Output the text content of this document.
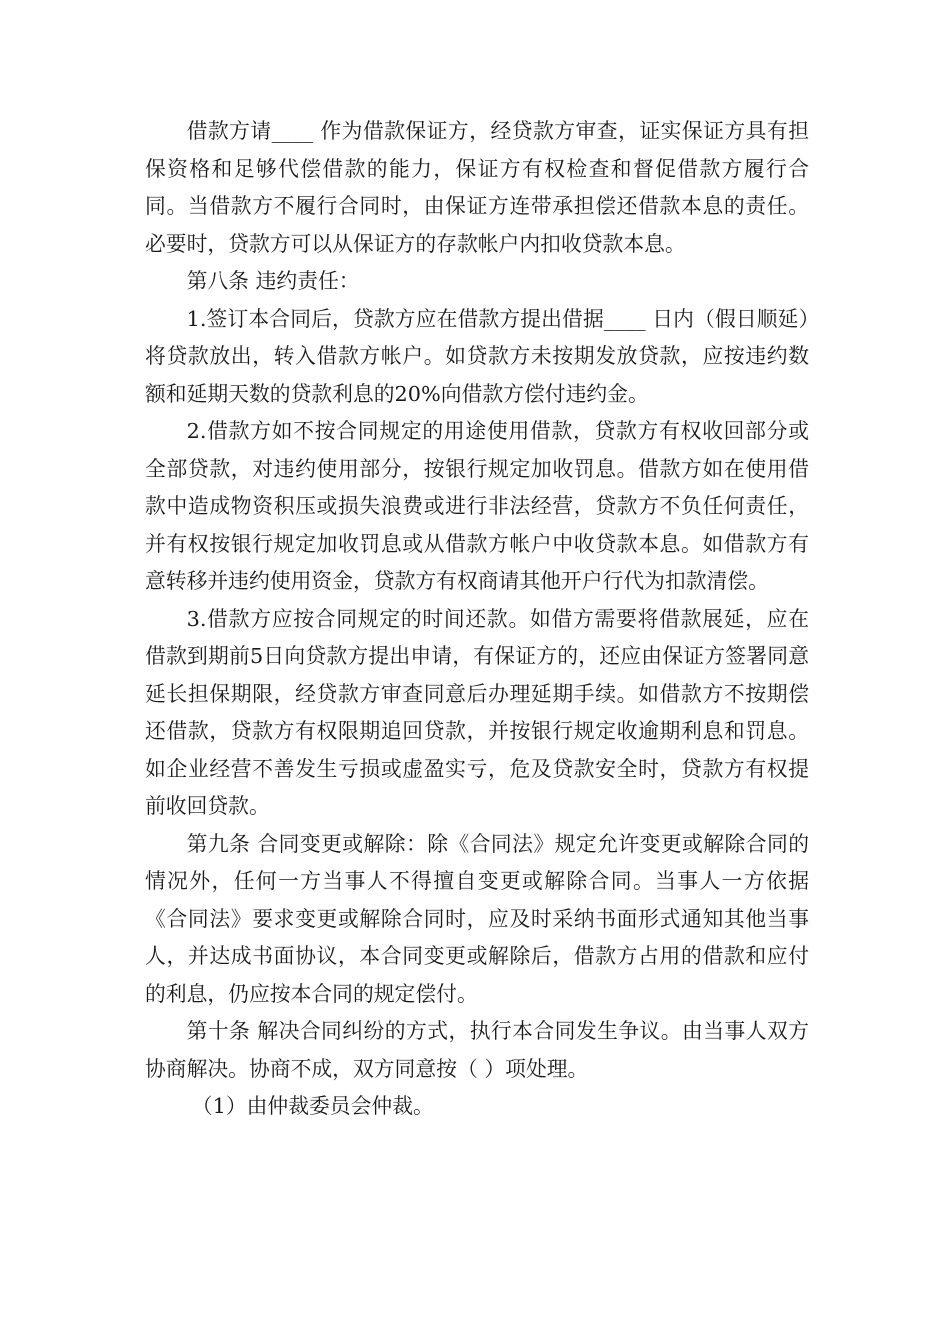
借款方请____ 作为借款保证方，经贷款方审查，证实保证方具有担保资格和足够代偿借款的能力，保证方有权检查和督促借款方履行合同。当借款方不履行合同时，由保证方连带承担偿还借款本息的责任。必要时，贷款方可以从保证方的存款帐户内扣收贷款本息。

第八条 违约责任：

1.签订本合同后，贷款方应在借款方提出借据____ 日内（假日顺延）将贷款放出，转入借款方帐户。如贷款方未按期发放贷款，应按违约数额和延期天数的贷款利息的20%向借款方偿付违约金。

2.借款方如不按合同规定的用途使用借款，贷款方有权收回部分或全部贷款，对违约使用部分，按银行规定加收罚息。借款方如在使用借款中造成物资积压或损失浪费或进行非法经营，贷款方不负任何责任，并有权按银行规定加收罚息或从借款方帐户中收贷款本息。如借款方有意转移并违约使用资金，贷款方有权商请其他开户行代为扣款清偿。

3.借款方应按合同规定的时间还款。如借方需要将借款展延，应在借款到期前5日向贷款方提出申请，有保证方的，还应由保证方签署同意延长担保期限，经贷款方审查同意后办理延期手续。如借款方不按期偿还借款，贷款方有权限期追回贷款，并按银行规定收逾期利息和罚息。如企业经营不善发生亏损或虚盈实亏，危及贷款安全时，贷款方有权提前收回贷款。

第九条 合同变更或解除：除《合同法》规定允许变更或解除合同的情况外，任何一方当事人不得擅自变更或解除合同。当事人一方依据《合同法》要求变更或解除合同时，应及时采纳书面形式通知其他当事人，并达成书面协议，本合同变更或解除后，借款方占用的借款和应付的利息，仍应按本合同的规定偿付。

第十条 解决合同纠纷的方式，执行本合同发生争议。由当事人双方协商解决。协商不成，双方同意按（ ）项处理。

（1）由仲裁委员会仲裁。
